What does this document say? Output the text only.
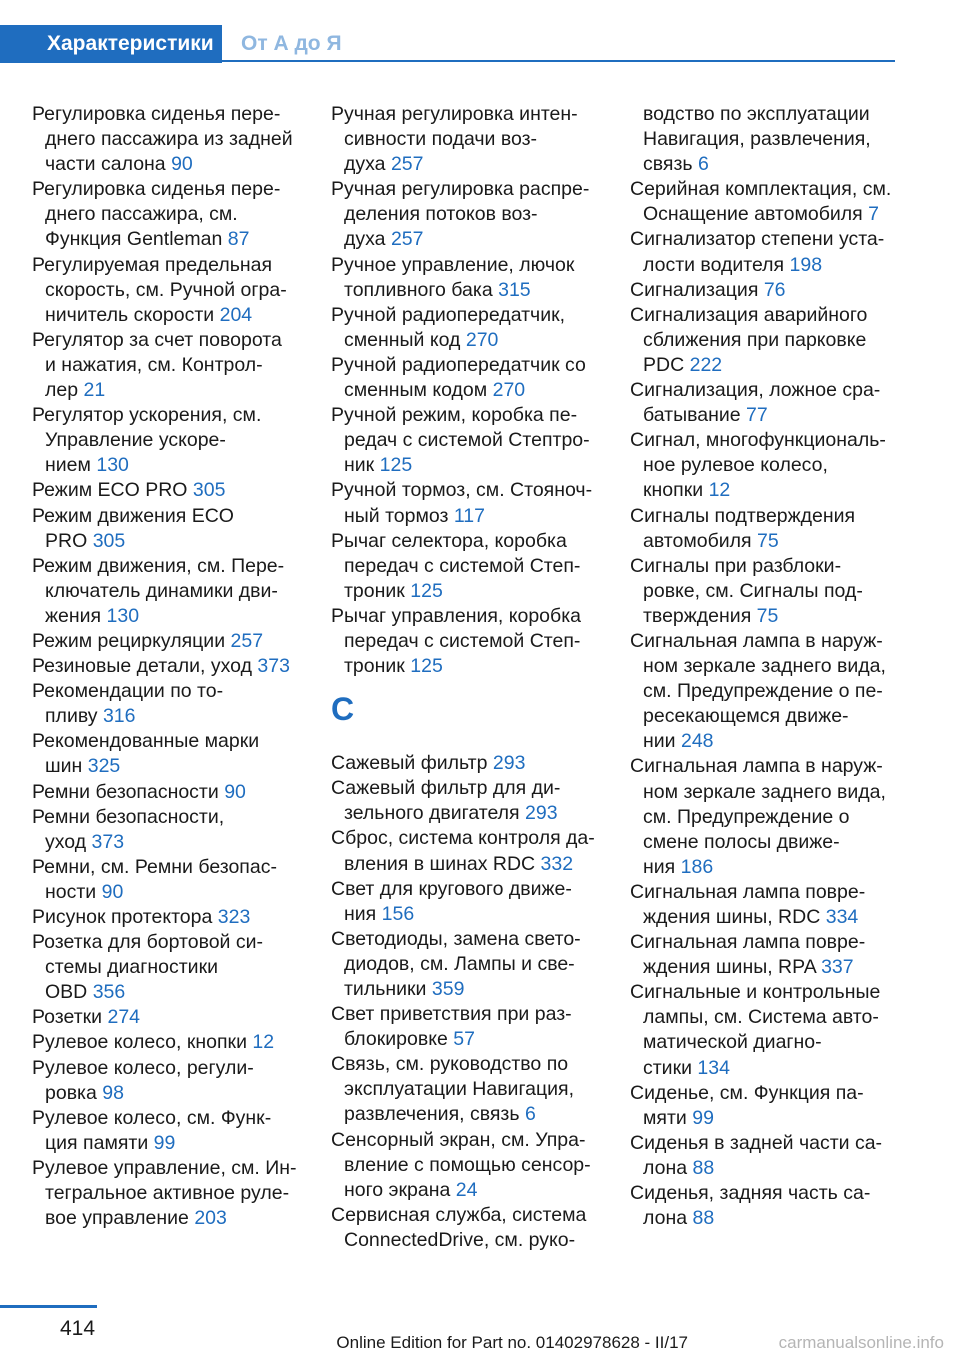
Характеристики	От А до Я
Регулировка сиденья пере-
днего пассажира из задней
части салона 90
Регулировка сиденья пере-
днего пассажира, см.
Функция Gentleman 87
Регулируемая предельная
скорость, см. Ручной огра-
ничитель скорости 204
Регулятор за счет поворота
и нажатия, см. Контрол-
лер 21
Регулятор ускорения, см.
Управление ускоре-
нием 130
Режим ECO PRO 305
Режим движения ECO
PRO 305
Режим движения, см. Пере-
ключатель динамики дви-
жения 130
Режим рециркуляции 257
Резиновые детали, уход 373
Рекомендации по то-
пливу 316
Рекомендованные марки
шин 325
Ремни безопасности 90
Ремни безопасности,
уход 373
Ремни, см. Ремни безопас-
ности 90
Рисунок протектора 323
Розетка для бортовой си-
стемы диагностики
OBD 356
Розетки 274
Рулевое колесо, кнопки 12
Рулевое колесо, регули-
ровка 98
Рулевое колесо, см. Функ-
ция памяти 99
Рулевое управление, см. Ин-
тегральное активное руле-
вое управление 203
Ручная регулировка интен-
сивности подачи воз-
духа 257
Ручная регулировка распре-
деления потоков воз-
духа 257
Ручное управление, лючок
топливного бака 315
Ручной радиопередатчик,
сменный код 270
Ручной радиопередатчик со
сменным кодом 270
Ручной режим, коробка пе-
редач с системой Стептро-
ник 125
Ручной тормоз, см. Стояноч-
ный тормоз 117
Рычаг селектора, коробка
передач с системой Степ-
троник 125
Рычаг управления, коробка
передач с системой Степ-
троник 125
С
Сажевый фильтр 293
Сажевый фильтр для ди-
зельного двигателя 293
Сброс, система контроля да-
вления в шинах RDC 332
Свет для кругового движе-
ния 156
Светодиоды, замена свето-
диодов, см. Лампы и све-
тильники 359
Свет приветствия при раз-
блокировке 57
Связь, см. руководство по
эксплуатации Навигация,
развлечения, связь 6
Сенсорный экран, см. Упра-
вление с помощью сенсор-
ного экрана 24
Сервисная служба, система
ConnectedDrive, см. руко-
водство по эксплуатации
Навигация, развлечения,
связь 6
Серийная комплектация, см.
Оснащение автомобиля 7
Сигнализатор степени уста-
лости водителя 198
Сигнализация 76
Сигнализация аварийного
сближения при парковке
PDC 222
Сигнализация, ложное сра-
батывание 77
Сигнал, многофункциональ-
ное рулевое колесо,
кнопки 12
Сигналы подтверждения
автомобиля 75
Сигналы при разблоки-
ровке, см. Сигналы под-
тверждения 75
Сигнальная лампа в наруж-
ном зеркале заднего вида,
см. Предупреждение о пе-
ресекающемся движе-
нии 248
Сигнальная лампа в наруж-
ном зеркале заднего вида,
см. Предупреждение о
смене полосы движе-
ния 186
Сигнальная лампа повре-
ждения шины, RDC 334
Сигнальная лампа повре-
ждения шины, RPA 337
Сигнальные и контрольные
лампы, см. Система авто-
матической диагно-
стики 134
Сиденье, см. Функция па-
мяти 99
Сиденья в задней части са-
лона 88
Сиденья, задняя часть са-
лона 88
414
Online Edition for Part no. 01402978628 - II/17	carmanualsonline.info
